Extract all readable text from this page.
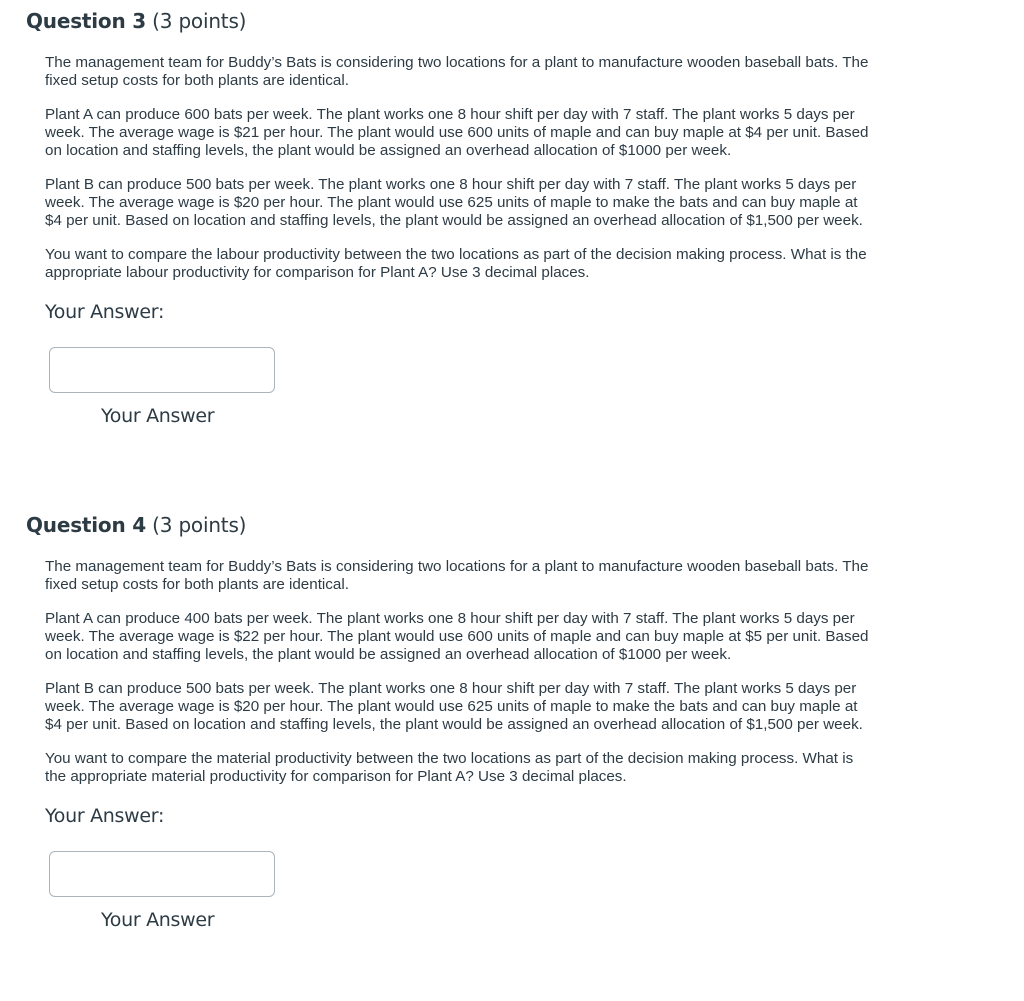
Question 3 (3 points)

The management team for Buddy’s Bats is considering two locations for a plant to manufacture wooden baseball bats. The fixed setup costs for both plants are identical.

Plant A can produce 600 bats per week. The plant works one 8 hour shift per day with 7 staff. The plant works 5 days per week. The average wage is $21 per hour. The plant would use 600 units of maple and can buy maple at $4 per unit. Based on location and staffing levels, the plant would be assigned an overhead allocation of $1000 per week.

Plant B can produce 500 bats per week. The plant works one 8 hour shift per day with 7 staff. The plant works 5 days per week. The average wage is $20 per hour. The plant would use 625 units of maple to make the bats and can buy maple at $4 per unit. Based on location and staffing levels, the plant would be assigned an overhead allocation of $1,500 per week.

You want to compare the labour productivity between the two locations as part of the decision making process. What is the appropriate labour productivity for comparison for Plant A? Use 3 decimal places.

Your Answer:
Your Answer
Question 4 (3 points)

The management team for Buddy’s Bats is considering two locations for a plant to manufacture wooden baseball bats. The fixed setup costs for both plants are identical.

Plant A can produce 400 bats per week. The plant works one 8 hour shift per day with 7 staff. The plant works 5 days per week. The average wage is $22 per hour. The plant would use 600 units of maple and can buy maple at $5 per unit. Based on location and staffing levels, the plant would be assigned an overhead allocation of $1000 per week.

Plant B can produce 500 bats per week. The plant works one 8 hour shift per day with 7 staff. The plant works 5 days per week. The average wage is $20 per hour. The plant would use 625 units of maple to make the bats and can buy maple at $4 per unit. Based on location and staffing levels, the plant would be assigned an overhead allocation of $1,500 per week.

You want to compare the material productivity between the two locations as part of the decision making process. What is the appropriate material productivity for comparison for Plant A? Use 3 decimal places.

Your Answer:
Your Answer
